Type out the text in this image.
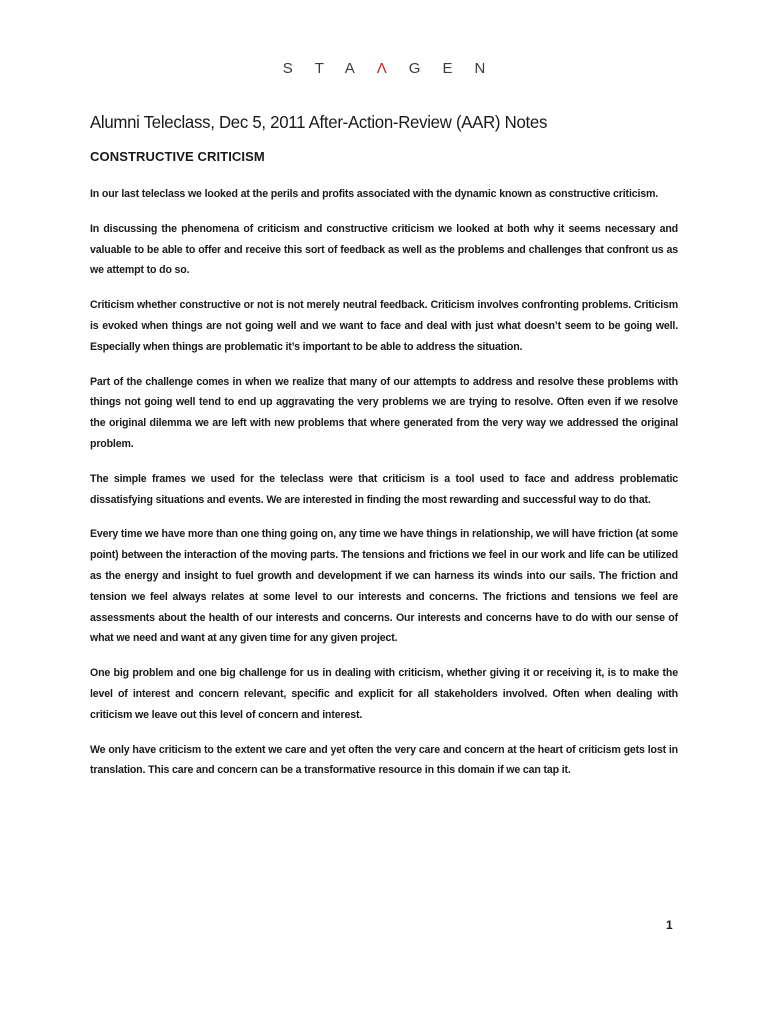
STAΛGEN
Alumni Teleclass, Dec 5, 2011 After-Action-Review (AAR) Notes
CONSTRUCTIVE CRITICISM

In our last teleclass we looked at the perils and profits associated with the dynamic known as constructive criticism.

In discussing the phenomena of criticism and constructive criticism we looked at both why it seems necessary and valuable to be able to offer and receive this sort of feedback as well as the problems and challenges that confront us as we attempt to do so.

Criticism whether constructive or not is not merely neutral feedback. Criticism involves confronting problems. Criticism is evoked when things are not going well and we want to face and deal with just what doesn’t seem to be going well. Especially when things are problematic it’s important to be able to address the situation.

Part of the challenge comes in when we realize that many of our attempts to address and resolve these problems with things not going well tend to end up aggravating the very problems we are trying to resolve. Often even if we resolve the original dilemma we are left with new problems that where generated from the very way we addressed the original problem.

The simple frames we used for the teleclass were that criticism is a tool used to face and address problematic dissatisfying situations and events. We are interested in finding the most rewarding and successful way to do that.

Every time we have more than one thing going on, any time we have things in relationship, we will have friction (at some point) between the interaction of the moving parts. The tensions and frictions we feel in our work and life can be utilized as the energy and insight to fuel growth and development if we can harness its winds into our sails. The friction and tension we feel always relates at some level to our interests and concerns. The frictions and tensions we feel are assessments about the health of our interests and concerns. Our interests and concerns have to do with our sense of what we need and want at any given time for any given project.

One big problem and one big challenge for us in dealing with criticism, whether giving it or receiving it, is to make the level of interest and concern relevant, specific and explicit for all stakeholders involved. Often when dealing with criticism we leave out this level of concern and interest.

We only have criticism to the extent we care and yet often the very care and concern at the heart of criticism gets lost in translation. This care and concern can be a transformative resource in this domain if we can tap it.

1
